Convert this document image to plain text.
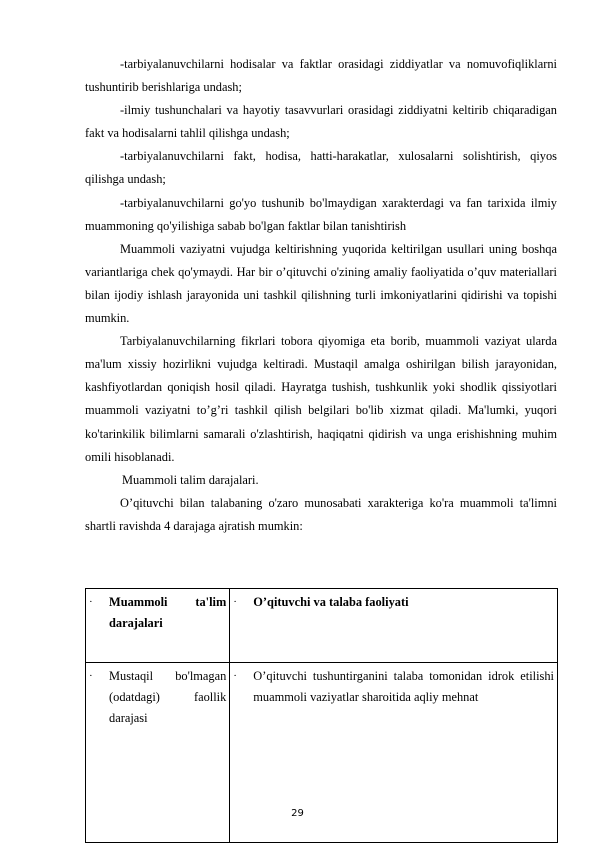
-tarbiyalanuvchilarni hodisalar va faktlar orasidagi ziddiyatlar va nomuvofiqliklarni tushuntirib berishlariga undash;

-ilmiy tushunchalari va hayotiy tasavvurlari orasidagi ziddiyatni keltirib chiqaradigan fakt va hodisalarni tahlil qilishga undash;

-tarbiyalanuvchilarni fakt, hodisa, hatti-harakatlar, xulosalarni solishtirish, qiyos qilishga undash;

-tarbiyalanuvchilarni go'yo tushunib bo'lmaydigan xarakterdagi va fan tarixida ilmiy muammoning qo'yilishiga sabab bo'lgan faktlar bilan tanishtirish

Muammoli vaziyatni vujudga keltirishning yuqorida keltirilgan usullari uning boshqa variantlariga chek qo'ymaydi. Har bir o’qituvchi o'zining amaliy faoliyatida o’quv materiallari bilan ijodiy ishlash jarayonida uni tashkil qilishning turli imkoniyatlarini qidirishi va topishi mumkin.

Tarbiyalanuvchilarning fikrlari tobora qiyomiga eta borib, muammoli vaziyat ularda ma'lum xissiy hozirlikni vujudga keltiradi. Mustaqil amalga oshirilgan bilish jarayonidan, kashfiyotlardan qoniqish hosil qiladi. Hayratga tushish, tushkunlik yoki shodlik qissiyotlari muammoli vaziyatni to’g’ri tashkil qilish belgilari bo'lib xizmat qiladi. Ma'lumki, yuqori ko'tarinkilik bilimlarni samarali o'zlashtirish, haqiqatni qidirish va unga erishishning muhim omili hisoblanadi.

Muammoli talim darajalari.

O’qituvchi bilan talabaning o'zaro munosabati xarakteriga ko'ra muammoli ta'limni shartli ravishda 4 darajaga ajratish mumkin:

· Muammoli ta'lim darajalari	· O’qituvchi va talaba faoliyati

· Mustaqil bo'lmagan (odatdagi) faollik darajasi	· O’qituvchi tushuntirganini talaba tomonidan idrok etilishi muammoli vaziyatlar sharoitida aqliy mehnat
29
